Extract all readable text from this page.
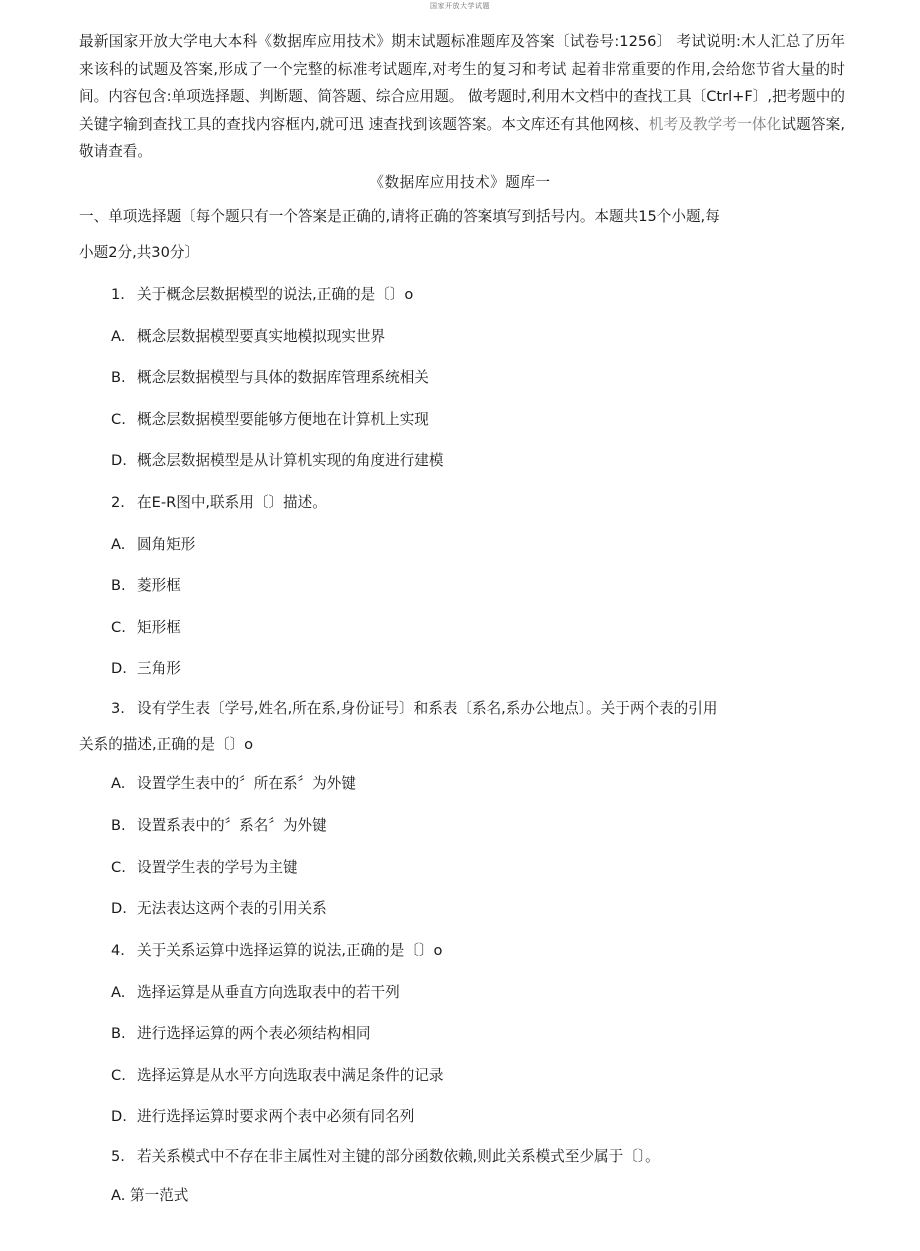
国家开放大学试题
最新国家开放大学电大本科《数据库应用技术》期末试题标准题库及答案〔试卷号:1256〕 考试说明:木人汇总了历年来该科的试题及答案,形成了一个完整的标准考试题库,对考生的复习和考试 起着非常重要的作用,会给您节省大量的时间。内容包含:单项选择题、判断题、简答题、综合应用题。 做考题时,利用木文档中的查找工具〔Ctrl+F〕,把考题中的关键字输到查找工具的查找内容框内,就可迅 速查找到该题答案。本文库还有其他网核、机考及教学考一体化试题答案,敬请查看。
《数据库应用技术》题库一
一、单项选择题〔每个题只有一个答案是正确的,请将正确的答案填写到括号内。本题共15个小题,每
小题2分,共30分〕
1. 关于概念层数据模型的说法,正确的是〔〕o
A. 概念层数据模型要真实地模拟现实世界
B. 概念层数据模型与具体的数据库管理系统相关
C. 概念层数据模型要能够方便地在计算机上实现
D. 概念层数据模型是从计算机实现的角度进行建模
2. 在E-R图中,联系用〔〕描述。
A. 圆角矩形
B. 菱形框
C. 矩形框
D. 三角形
3. 设有学生表〔学号,姓名,所在系,身份证号〕和系表〔系名,系办公地点〕。关于两个表的引用
关系的描述,正确的是〔〕o
A. 设置学生表中的〞所在系〞为外键
B. 设置系表中的〞系名〞为外键
C. 设置学生表的学号为主键
D. 无法表达这两个表的引用关系
4. 关于关系运算中选择运算的说法,正确的是〔〕o
A. 选择运算是从垂直方向选取表中的若干列
B. 进行选择运算的两个表必须结构相同
C. 选择运算是从水平方向选取表中满足条件的记录
D. 进行选择运算时要求两个表中必须有同名列
5. 若关系模式中不存在非主属性对主键的部分函数依赖,则此关系模式至少属于〔〕。
A. 第一范式
